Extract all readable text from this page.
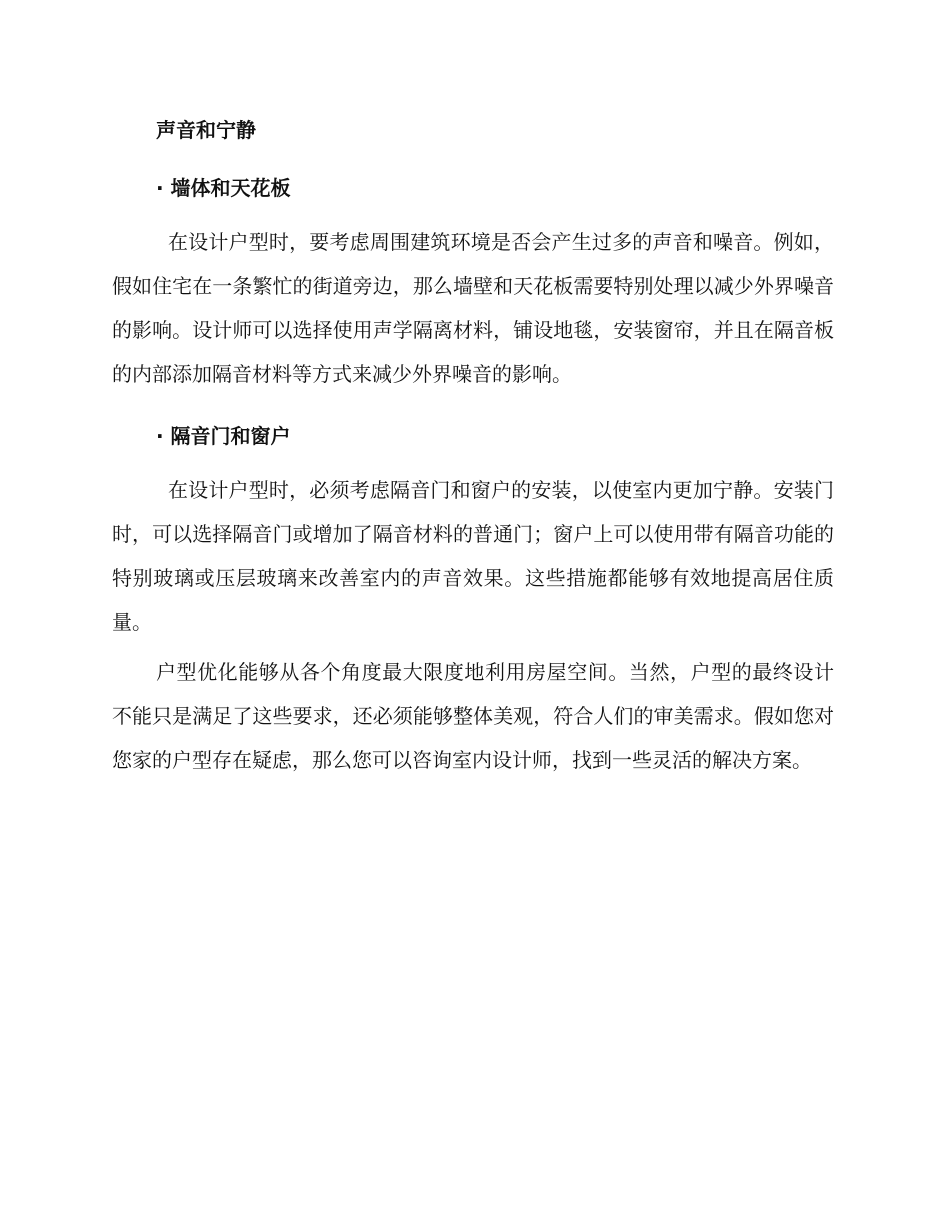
声音和宁静
· 墙体和天花板

在设计户型时，要考虑周围建筑环境是否会产生过多的声音和噪音。例如，假如住宅在一条繁忙的街道旁边，那么墙壁和天花板需要特别处理以减少外界噪音的影响。设计师可以选择使用声学隔离材料，铺设地毯，安装窗帘，并且在隔音板的内部添加隔音材料等方式来减少外界噪音的影响。

· 隔音门和窗户

在设计户型时，必须考虑隔音门和窗户的安装，以使室内更加宁静。安装门时，可以选择隔音门或增加了隔音材料的普通门；窗户上可以使用带有隔音功能的特别玻璃或压层玻璃来改善室内的声音效果。这些措施都能够有效地提高居住质量。

户型优化能够从各个角度最大限度地利用房屋空间。当然，户型的最终设计不能只是满足了这些要求，还必须能够整体美观，符合人们的审美需求。假如您对您家的户型存在疑虑，那么您可以咨询室内设计师，找到一些灵活的解决方案。
